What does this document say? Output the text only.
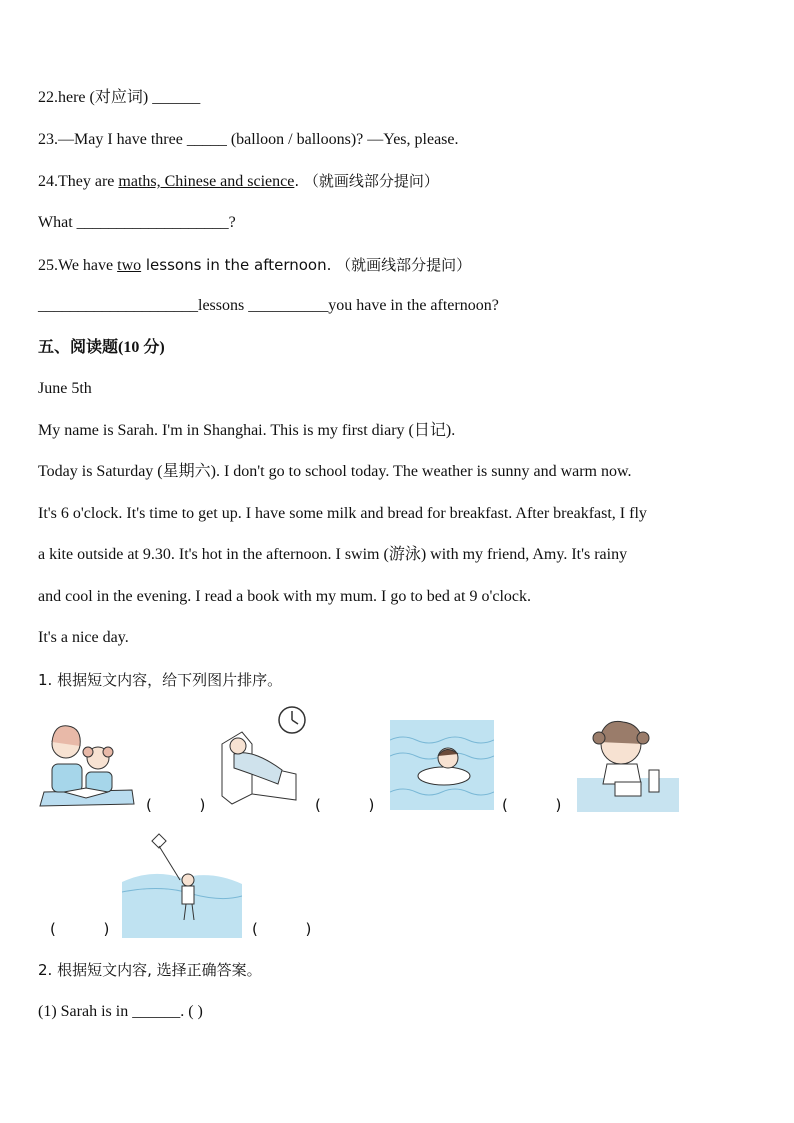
22.here (对应词) ______
23.—May I have three _____ (balloon / balloons)? —Yes, please.
24.They are maths, Chinese and science. （就画线部分提问）
What ___________________?
25.We have two lessons in the afternoon. （就画线部分提问）
____________________lessons __________you have in the afternoon?
五、阅读题(10 分)
June 5th
My name is Sarah. I'm in Shanghai. This is my first diary (日记).
Today is Saturday (星期六). I don't go to school today. The weather is sunny and warm now.
It's 6 o'clock. It's time to get up. I have some milk and bread for breakfast. After breakfast, I fly
a kite outside at 9.30. It's hot in the afternoon. I swim (游泳) with my friend, Amy. It's rainy
and cool in the evening. I read a book with my mum. I go to bed at 9 o'clock.
It's a nice day.
1. 根据短文内容，给下列图片排序。
(          )	(          )	(          )
(          )	(          )
2. 根据短文内容, 选择正确答案。
(1) Sarah is in ______. ( )
